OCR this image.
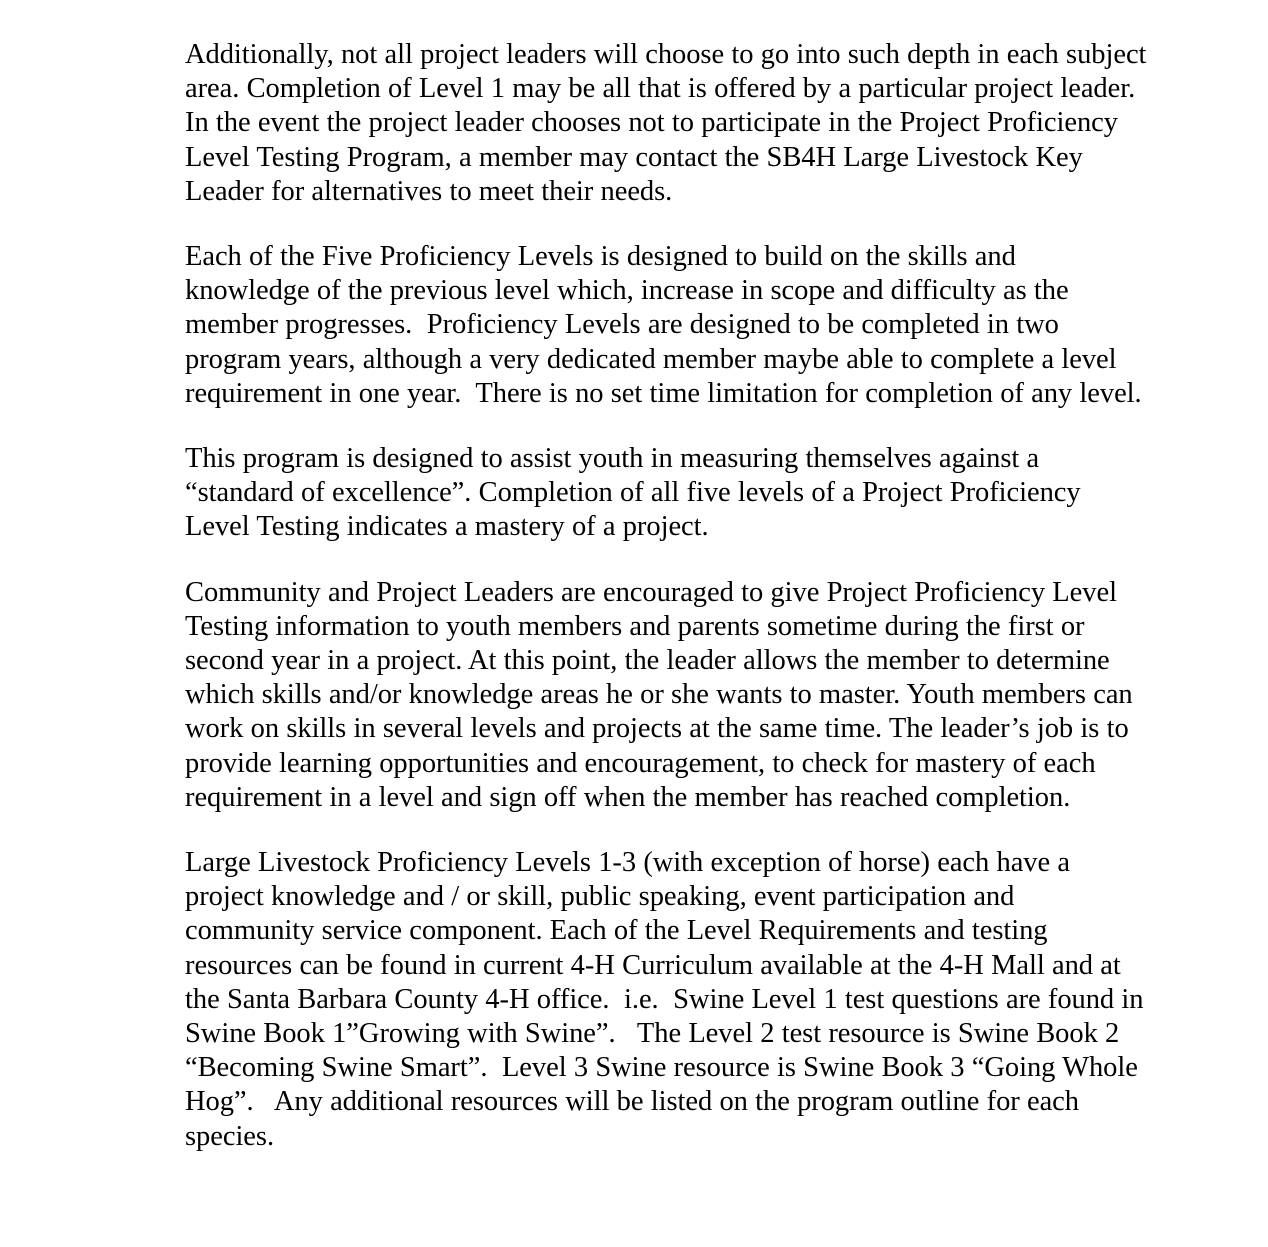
Additionally, not all project leaders will choose to go into such depth in each subject area. Completion of Level 1 may be all that is offered by a particular project leader.  In the event the project leader chooses not to participate in the Project Proficiency Level Testing Program, a member may contact the SB4H Large Livestock Key Leader for alternatives to meet their needs.

Each of the Five Proficiency Levels is designed to build on the skills and knowledge of the previous level which, increase in scope and difficulty as the member progresses.  Proficiency Levels are designed to be completed in two program years, although a very dedicated member maybe able to complete a level requirement in one year.  There is no set time limitation for completion of any level.

This program is designed to assist youth in measuring themselves against a “standard of excellence”. Completion of all five levels of a Project Proficiency Level Testing indicates a mastery of a project.

Community and Project Leaders are encouraged to give Project Proficiency Level Testing information to youth members and parents sometime during the first or second year in a project. At this point, the leader allows the member to determine which skills and/or knowledge areas he or she wants to master. Youth members can work on skills in several levels and projects at the same time. The leader’s job is to provide learning opportunities and encouragement, to check for mastery of each requirement in a level and sign off when the member has reached completion.

Large Livestock Proficiency Levels 1-3 (with exception of horse) each have a project knowledge and / or skill, public speaking, event participation and community service component. Each of the Level Requirements and testing resources can be found in current 4-H Curriculum available at the 4-H Mall and at the Santa Barbara County 4-H office.  i.e.  Swine Level 1 test questions are found in Swine Book 1”Growing with Swine”.   The Level 2 test resource is Swine Book 2 “Becoming Swine Smart”.  Level 3 Swine resource is Swine Book 3 “Going Whole Hog”.   Any additional resources will be listed on the program outline for each species.
